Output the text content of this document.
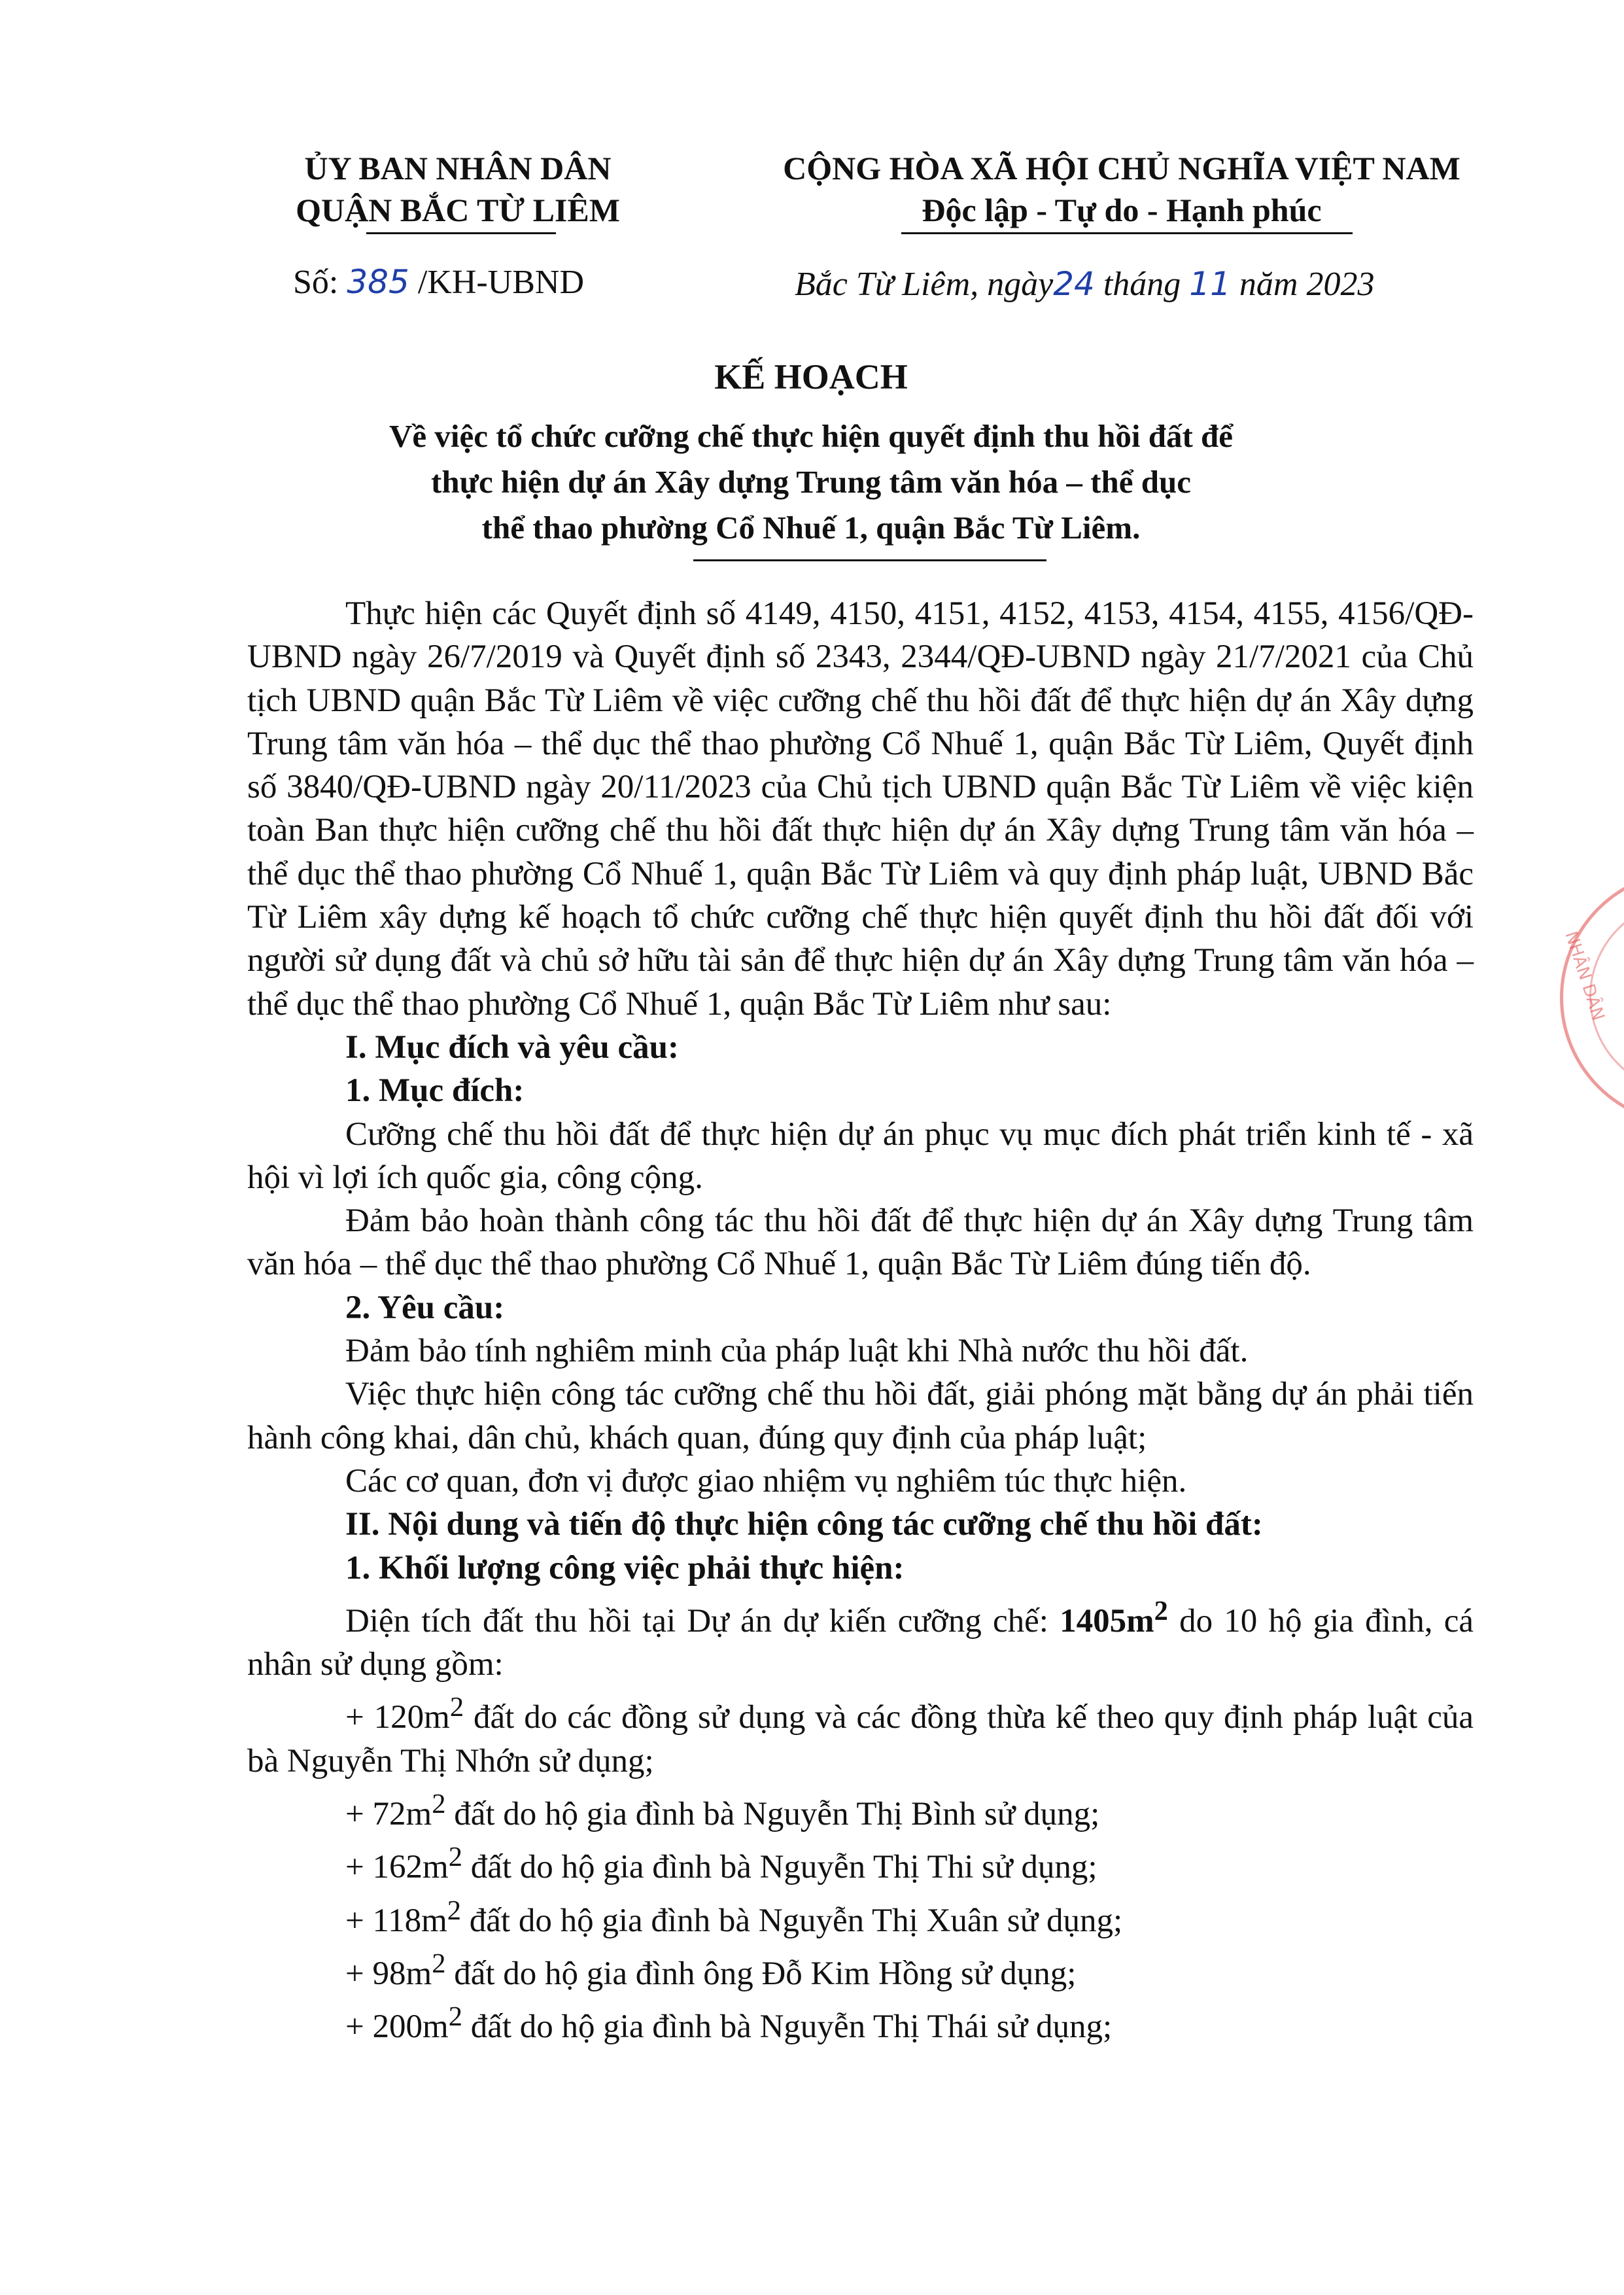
ỦY BAN NHÂN DÂN
QUẬN BẮC TỪ LIÊM
CỘNG HÒA XÃ HỘI CHỦ NGHĨA VIỆT NAM
Độc lập - Tự do - Hạnh phúc
Số: 385 /KH-UBND	Bắc Từ Liêm, ngày24 tháng 11 năm 2023
KẾ HOẠCH
Về việc tổ chức cưỡng chế thực hiện quyết định thu hồi đất để
thực hiện dự án Xây dựng Trung tâm văn hóa – thể dục
thể thao phường Cổ Nhuế 1, quận Bắc Từ Liêm.

Thực hiện các Quyết định số 4149, 4150, 4151, 4152, 4153, 4154, 4155, 4156/QĐ-UBND ngày 26/7/2019 và Quyết định số 2343, 2344/QĐ-UBND ngày 21/7/2021 của Chủ tịch UBND quận Bắc Từ Liêm về việc cưỡng chế thu hồi đất để thực hiện dự án Xây dựng Trung tâm văn hóa – thể dục thể thao phường Cổ Nhuế 1, quận Bắc Từ Liêm, Quyết định số 3840/QĐ-UBND ngày 20/11/2023 của Chủ tịch UBND quận Bắc Từ Liêm về việc kiện toàn Ban thực hiện cưỡng chế thu hồi đất thực hiện dự án Xây dựng Trung tâm văn hóa – thể dục thể thao phường Cổ Nhuế 1, quận Bắc Từ Liêm và quy định pháp luật, UBND Bắc Từ Liêm xây dựng kế hoạch tổ chức cưỡng chế thực hiện quyết định thu hồi đất đối với người sử dụng đất và chủ sở hữu tài sản để thực hiện dự án Xây dựng Trung tâm văn hóa – thể dục thể thao phường Cổ Nhuế 1, quận Bắc Từ Liêm như sau:

I. Mục đích và yêu cầu:

1. Mục đích:

Cưỡng chế thu hồi đất để thực hiện dự án phục vụ mục đích phát triển kinh tế - xã hội vì lợi ích quốc gia, công cộng.

Đảm bảo hoàn thành công tác thu hồi đất để thực hiện dự án Xây dựng Trung tâm văn hóa – thể dục thể thao phường Cổ Nhuế 1, quận Bắc Từ Liêm đúng tiến độ.

2. Yêu cầu:

Đảm bảo tính nghiêm minh của pháp luật khi Nhà nước thu hồi đất.

Việc thực hiện công tác cưỡng chế thu hồi đất, giải phóng mặt bằng dự án phải tiến hành công khai, dân chủ, khách quan, đúng quy định của pháp luật;

Các cơ quan, đơn vị được giao nhiệm vụ nghiêm túc thực hiện.

II. Nội dung và tiến độ thực hiện công tác cưỡng chế thu hồi đất:

1. Khối lượng công việc phải thực hiện:

Diện tích đất thu hồi tại Dự án dự kiến cưỡng chế: $1405m^2$ do 10 hộ gia đình, cá nhân sử dụng gồm:

+ $120m^2$ đất do các đồng sử dụng và các đồng thừa kế theo quy định pháp luật của bà Nguyễn Thị Nhớn sử dụng;

+ $72m^2$ đất do hộ gia đình bà Nguyễn Thị Bình sử dụng;

+ $162m^2$ đất do hộ gia đình bà Nguyễn Thị Thi sử dụng;

+ $118m^2$ đất do hộ gia đình bà Nguyễn Thị Xuân sử dụng;

+ $98m^2$ đất do hộ gia đình ông Đỗ Kim Hồng sử dụng;

+ $200m^2$ đất do hộ gia đình bà Nguyễn Thị Thái sử dụng;

NHÂN DÂN
